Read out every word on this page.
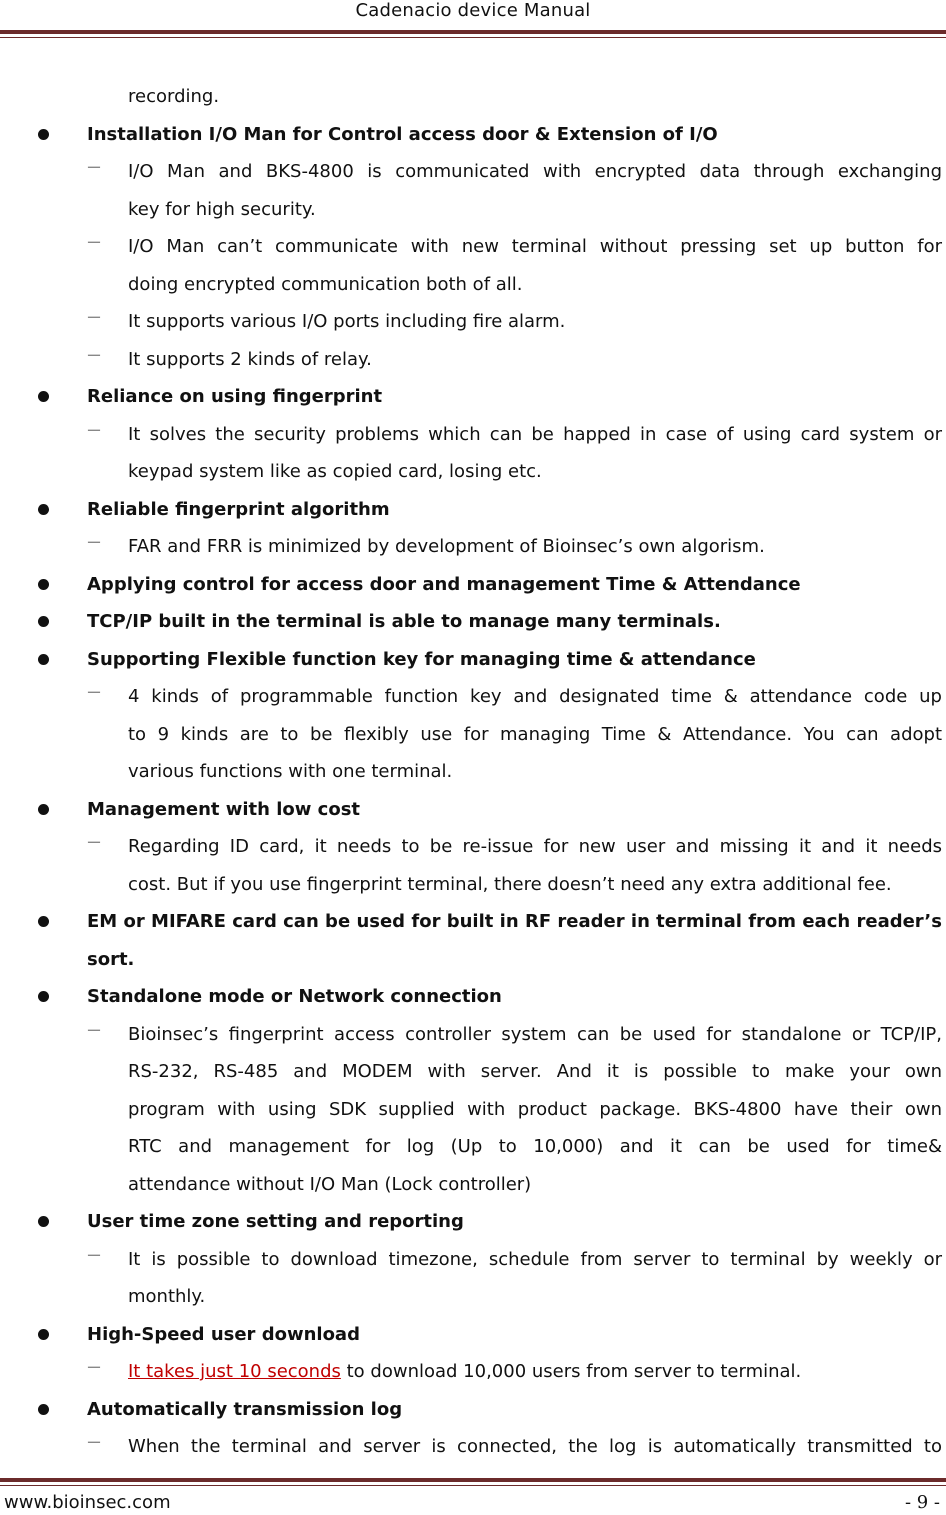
Cadenacio device Manual
recording.
Installation I/O Man for Control access door & Extension of I/O
－ I/O Man and BKS-4800 is communicated with encrypted data through exchanging
key for high security.
－ I/O Man can’t communicate with new terminal without pressing set up button for
doing encrypted communication both of all.
－ It supports various I/O ports including fire alarm.
－ It supports 2 kinds of relay.
Reliance on using fingerprint
－ It solves the security problems which can be happed in case of using card system or
keypad system like as copied card, losing etc.
Reliable fingerprint algorithm
－ FAR and FRR is minimized by development of Bioinsec’s own algorism.
Applying control for access door and management Time & Attendance
TCP/IP built in the terminal is able to manage many terminals.
Supporting Flexible function key for managing time & attendance
－ 4 kinds of programmable function key and designated time & attendance code up
to 9 kinds are to be flexibly use for managing Time & Attendance. You can adopt
various functions with one terminal.
Management with low cost
－ Regarding ID card, it needs to be re-issue for new user and missing it and it needs
cost. But if you use fingerprint terminal, there doesn’t need any extra additional fee.
EM or MIFARE card can be used for built in RF reader in terminal from each reader’s
sort.
Standalone mode or Network connection
－ Bioinsec’s fingerprint access controller system can be used for standalone or TCP/IP,
RS-232, RS-485 and MODEM with server. And it is possible to make your own
program with using SDK supplied with product package. BKS-4800 have their own
RTC and management for log (Up to 10,000) and it can be used for time&
attendance without I/O Man (Lock controller)
User time zone setting and reporting
－ It is possible to download timezone, schedule from server to terminal by weekly or
monthly.
High-Speed user download
－ It takes just 10 seconds to download 10,000 users from server to terminal.
Automatically transmission log
－ When the terminal and server is connected, the log is automatically transmitted to
www.bioinsec.com	- 9 -
